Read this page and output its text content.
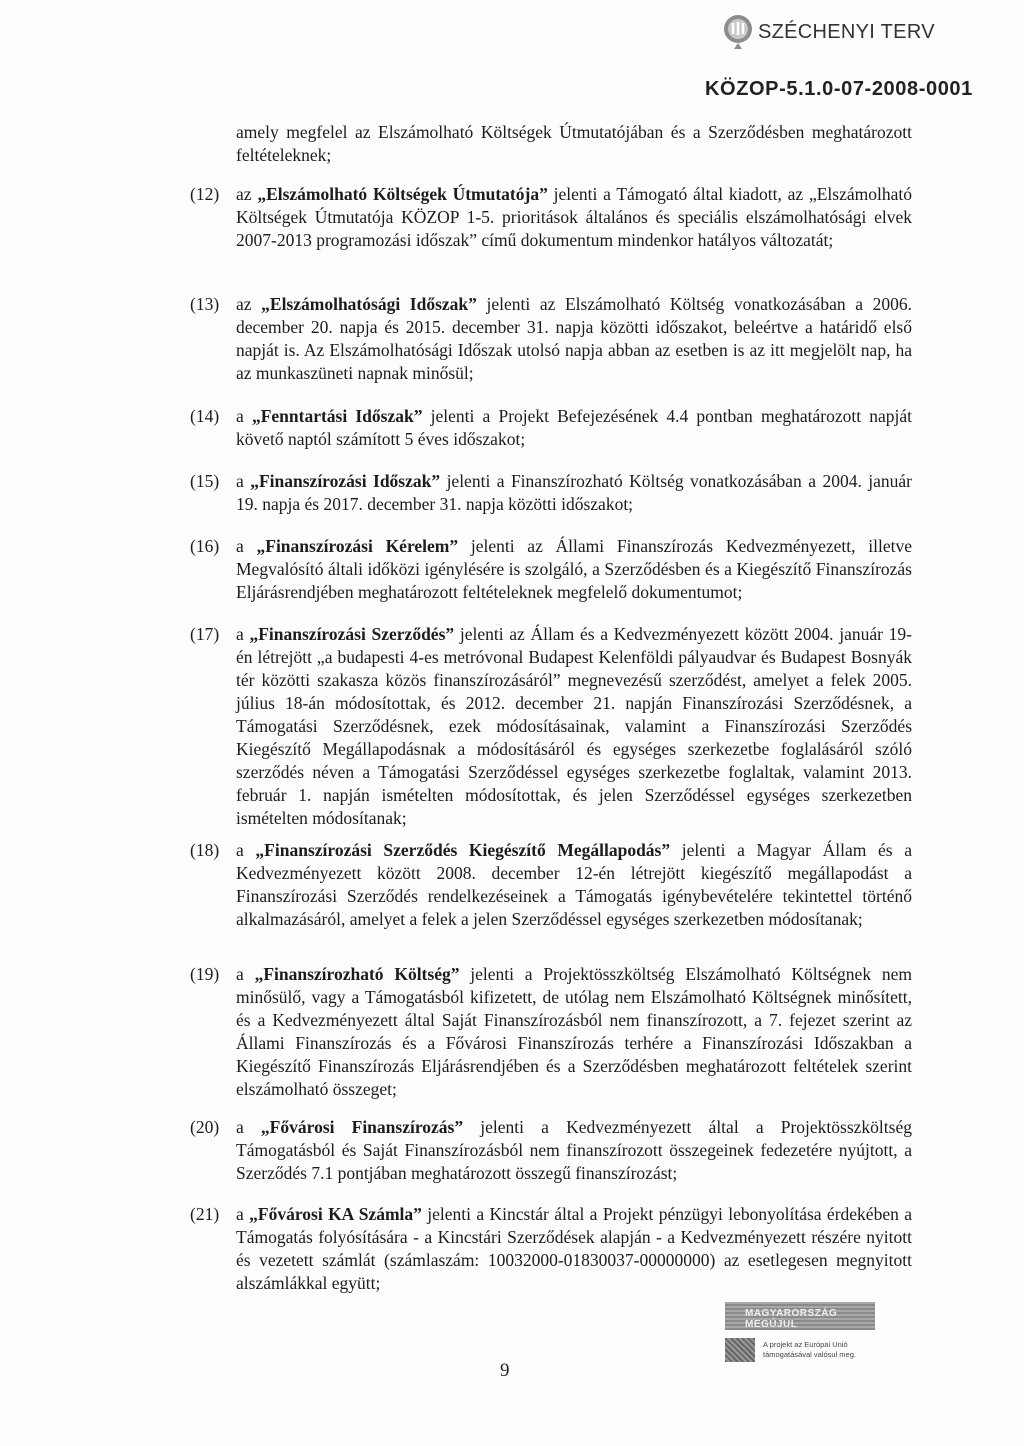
SZÉCHENYI TERV
KÖZOP-5.1.0-07-2008-0001
amely megfelel az Elszámolható Költségek Útmutatójában és a Szerződésben meghatározott feltételeknek;
(12) az „Elszámolható Költségek Útmutatója” jelenti a Támogató által kiadott, az „Elszámolható Költségek Útmutatója KÖZOP 1-5. prioritások általános és speciális elszámolhatósági elvek 2007-2013 programozási időszak” című dokumentum mindenkor hatályos változatát;
(13) az „Elszámolhatósági Időszak” jelenti az Elszámolható Költség vonatkozásában a 2006. december 20. napja és 2015. december 31. napja közötti időszakot, beleértve a határidő első napját is. Az Elszámolhatósági Időszak utolsó napja abban az esetben is az itt megjelölt nap, ha az munkaszüneti napnak minősül;
(14) a „Fenntartási Időszak” jelenti a Projekt Befejezésének 4.4 pontban meghatározott napját követő naptól számított 5 éves időszakot;
(15) a „Finanszírozási Időszak” jelenti a Finanszírozható Költség vonatkozásában a 2004. január 19. napja és 2017. december 31. napja közötti időszakot;
(16) a „Finanszírozási Kérelem” jelenti az Állami Finanszírozás Kedvezményezett, illetve Megvalósító általi időközi igénylésére is szolgáló, a Szerződésben és a Kiegészítő Finanszírozás Eljárásrendjében meghatározott feltételeknek megfelelő dokumentumot;
(17) a „Finanszírozási Szerződés” jelenti az Állam és a Kedvezményezett között 2004. január 19-én létrejött „a budapesti 4-es metróvonal Budapest Kelenföldi pályaudvar és Budapest Bosnyák tér közötti szakasza közös finanszírozásáról” megnevezésű szerződést, amelyet a felek 2005. július 18-án módosítottak, és 2012. december 21. napján Finanszírozási Szerződésnek, a Támogatási Szerződésnek, ezek módosításainak, valamint a Finanszírozási Szerződés Kiegészítő Megállapodásnak a módosításáról és egységes szerkezetbe foglalásáról szóló szerződés néven a Támogatási Szerződéssel egységes szerkezetbe foglaltak, valamint 2013. február 1. napján ismételten módosítottak, és jelen Szerződéssel egységes szerkezetben ismételten módosítanak;
(18) a „Finanszírozási Szerződés Kiegészítő Megállapodás” jelenti a Magyar Állam és a Kedvezményezett között 2008. december 12-én létrejött kiegészítő megállapodást a Finanszírozási Szerződés rendelkezéseinek a Támogatás igénybevételére tekintettel történő alkalmazásáról, amelyet a felek a jelen Szerződéssel egységes szerkezetben módosítanak;
(19) a „Finanszírozható Költség” jelenti a Projektösszköltség Elszámolható Költségnek nem minősülő, vagy a Támogatásból kifizetett, de utólag nem Elszámolható Költségnek minősített, és a Kedvezményezett által Saját Finanszírozásból nem finanszírozott, a 7. fejezet szerint az Állami Finanszírozás és a Fővárosi Finanszírozás terhére a Finanszírozási Időszakban a Kiegészítő Finanszírozás Eljárásrendjében és a Szerződésben meghatározott feltételek szerint elszámolható összeget;
(20) a „Fővárosi Finanszírozás” jelenti a Kedvezményezett által a Projektösszköltség Támogatásból és Saját Finanszírozásból nem finanszírozott összegeinek fedezetére nyújtott, a Szerződés 7.1 pontjában meghatározott összegű finanszírozást;
(21) a „Fővárosi KA Számla” jelenti a Kincstár által a Projekt pénzügyi lebonyolítása érdekében a Támogatás folyósítására - a Kincstári Szerződések alapján - a Kedvezményezett részére nyitott és vezetett számlát (számlaszám: 10032000-01830037-00000000) az esetlegesen megnyitott alszámlákkal együtt;
9
MAGYARORSZÁG MEGÚJUL
A projekt az Európai Unió támogatásával valósul meg.
